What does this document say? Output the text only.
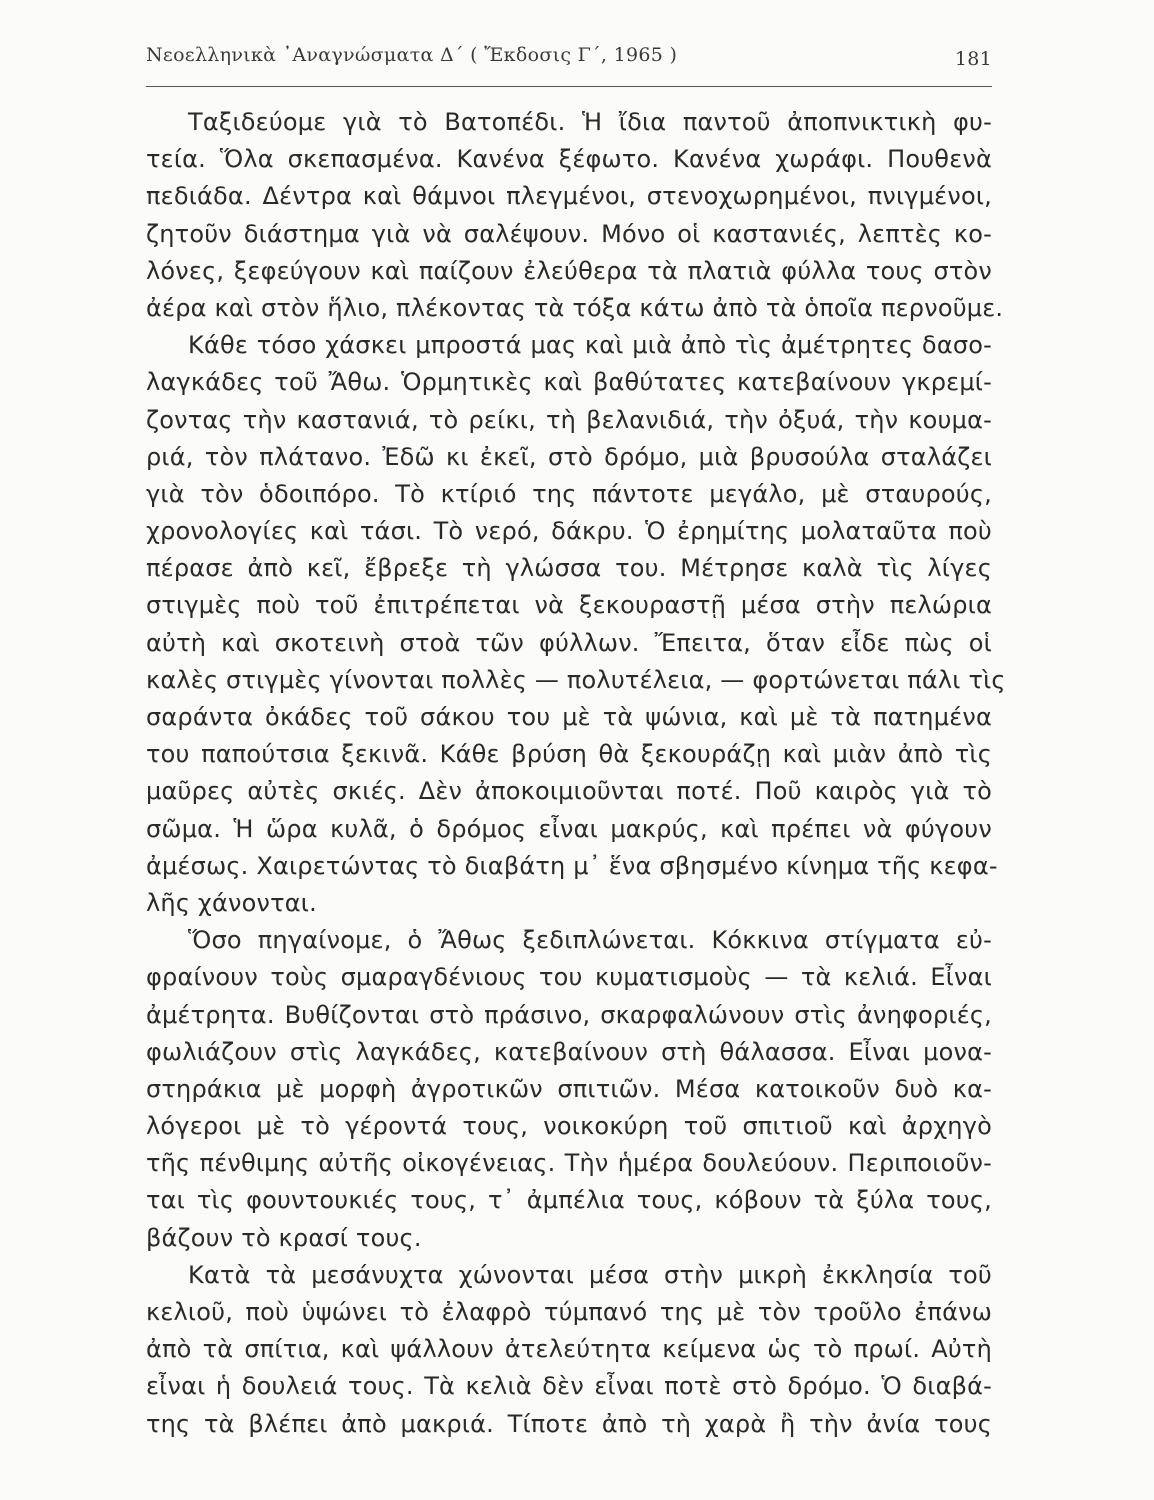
Νεοελληνικὰ ᾿Αναγνώσματα Δ΄ ( Ἔκδοσις Γ΄, 1965 )	181
Ταξιδεύομε γιὰ τὸ Βατοπέδι. Ἡ ἴδια παντοῦ ἀποπνικτικὴ φυ-
τεία. Ὅλα σκεπασμένα. Κανένα ξέφωτο. Κανένα χωράφι. Πουθενὰ
πεδιάδα. Δέντρα καὶ θάμνοι πλεγμένοι, στενοχωρημένοι, πνιγμένοι,
ζητοῦν διάστημα γιὰ νὰ σαλέψουν. Μόνο οἱ καστανιές, λεπτὲς κο-
λόνες, ξεφεύγουν καὶ παίζουν ἐλεύθερα τὰ πλατιὰ φύλλα τους στὸν
ἀέρα καὶ στὸν ἥλιο, πλέκοντας τὰ τόξα κάτω ἀπὸ τὰ ὁποῖα περνοῦμε.
Κάθε τόσο χάσκει μπροστά μας καὶ μιὰ ἀπὸ τὶς ἀμέτρητες δασο-
λαγκάδες τοῦ Ἄθω. Ὁρμητικὲς καὶ βαθύτατες κατεβαίνουν γκρεμί-
ζοντας τὴν καστανιά, τὸ ρείκι, τὴ βελανιδιά, τὴν ὀξυά, τὴν κουμα-
ριά, τὸν πλάτανο. Ἐδῶ κι ἐκεῖ, στὸ δρόμο, μιὰ βρυσούλα σταλάζει
γιὰ τὸν ὁδοιπόρο. Τὸ κτίριό της πάντοτε μεγάλο, μὲ σταυρούς,
χρονολογίες καὶ τάσι. Τὸ νερό, δάκρυ. Ὁ ἐρημίτης μολαταῦτα ποὺ
πέρασε ἀπὸ κεῖ, ἔβρεξε τὴ γλώσσα του. Μέτρησε καλὰ τὶς λίγες
στιγμὲς ποὺ τοῦ ἐπιτρέπεται νὰ ξεκουραστῇ μέσα στὴν πελώρια
αὐτὴ καὶ σκοτεινὴ στοὰ τῶν φύλλων. Ἔπειτα, ὅταν εἶδε πὼς οἱ
καλὲς στιγμὲς γίνονται πολλὲς — πολυτέλεια, — φορτώνεται πάλι τὶς
σαράντα ὀκάδες τοῦ σάκου του μὲ τὰ ψώνια, καὶ μὲ τὰ πατημένα
του παπούτσια ξεκινᾶ. Κάθε βρύση θὰ ξεκουράζῃ καὶ μιὰν ἀπὸ τὶς
μαῦρες αὐτὲς σκιές. Δὲν ἀποκοιμιοῦνται ποτέ. Ποῦ καιρὸς γιὰ τὸ
σῶμα. Ἡ ὥρα κυλᾶ, ὁ δρόμος εἶναι μακρύς, καὶ πρέπει νὰ φύγουν
ἀμέσως. Χαιρετώντας τὸ διαβάτη μ᾿ ἕνα σβησμένο κίνημα τῆς κεφα-
λῆς χάνονται.
Ὅσο πηγαίνομε, ὁ Ἄθως ξεδιπλώνεται. Κόκκινα στίγματα εὐ-
φραίνουν τοὺς σμαραγδένιους του κυματισμοὺς — τὰ κελιά. Εἶναι
ἀμέτρητα. Βυθίζονται στὸ πράσινο, σκαρφαλώνουν στὶς ἀνηφοριές,
φωλιάζουν στὶς λαγκάδες, κατεβαίνουν στὴ θάλασσα. Εἶναι μονα-
στηράκια μὲ μορφὴ ἀγροτικῶν σπιτιῶν. Μέσα κατοικοῦν δυὸ κα-
λόγεροι μὲ τὸ γέροντά τους, νοικοκύρη τοῦ σπιτιοῦ καὶ ἀρχηγὸ
τῆς πένθιμης αὐτῆς οἰκογένειας. Τὴν ἡμέρα δουλεύουν. Περιποιοῦν-
ται τὶς φουντουκιές τους, τ᾿ ἀμπέλια τους, κόβουν τὰ ξύλα τους,
βάζουν τὸ κρασί τους.
Κατὰ τὰ μεσάνυχτα χώνονται μέσα στὴν μικρὴ ἐκκλησία τοῦ
κελιοῦ, ποὺ ὑψώνει τὸ ἐλαφρὸ τύμπανό της μὲ τὸν τροῦλο ἐπάνω
ἀπὸ τὰ σπίτια, καὶ ψάλλουν ἀτελεύτητα κείμενα ὡς τὸ πρωί. Αὐτὴ
εἶναι ἡ δουλειά τους. Τὰ κελιὰ δὲν εἶναι ποτὲ στὸ δρόμο. Ὁ διαβά-
της τὰ βλέπει ἀπὸ μακριά. Τίποτε ἀπὸ τὴ χαρὰ ἢ τὴν ἀνία τους
